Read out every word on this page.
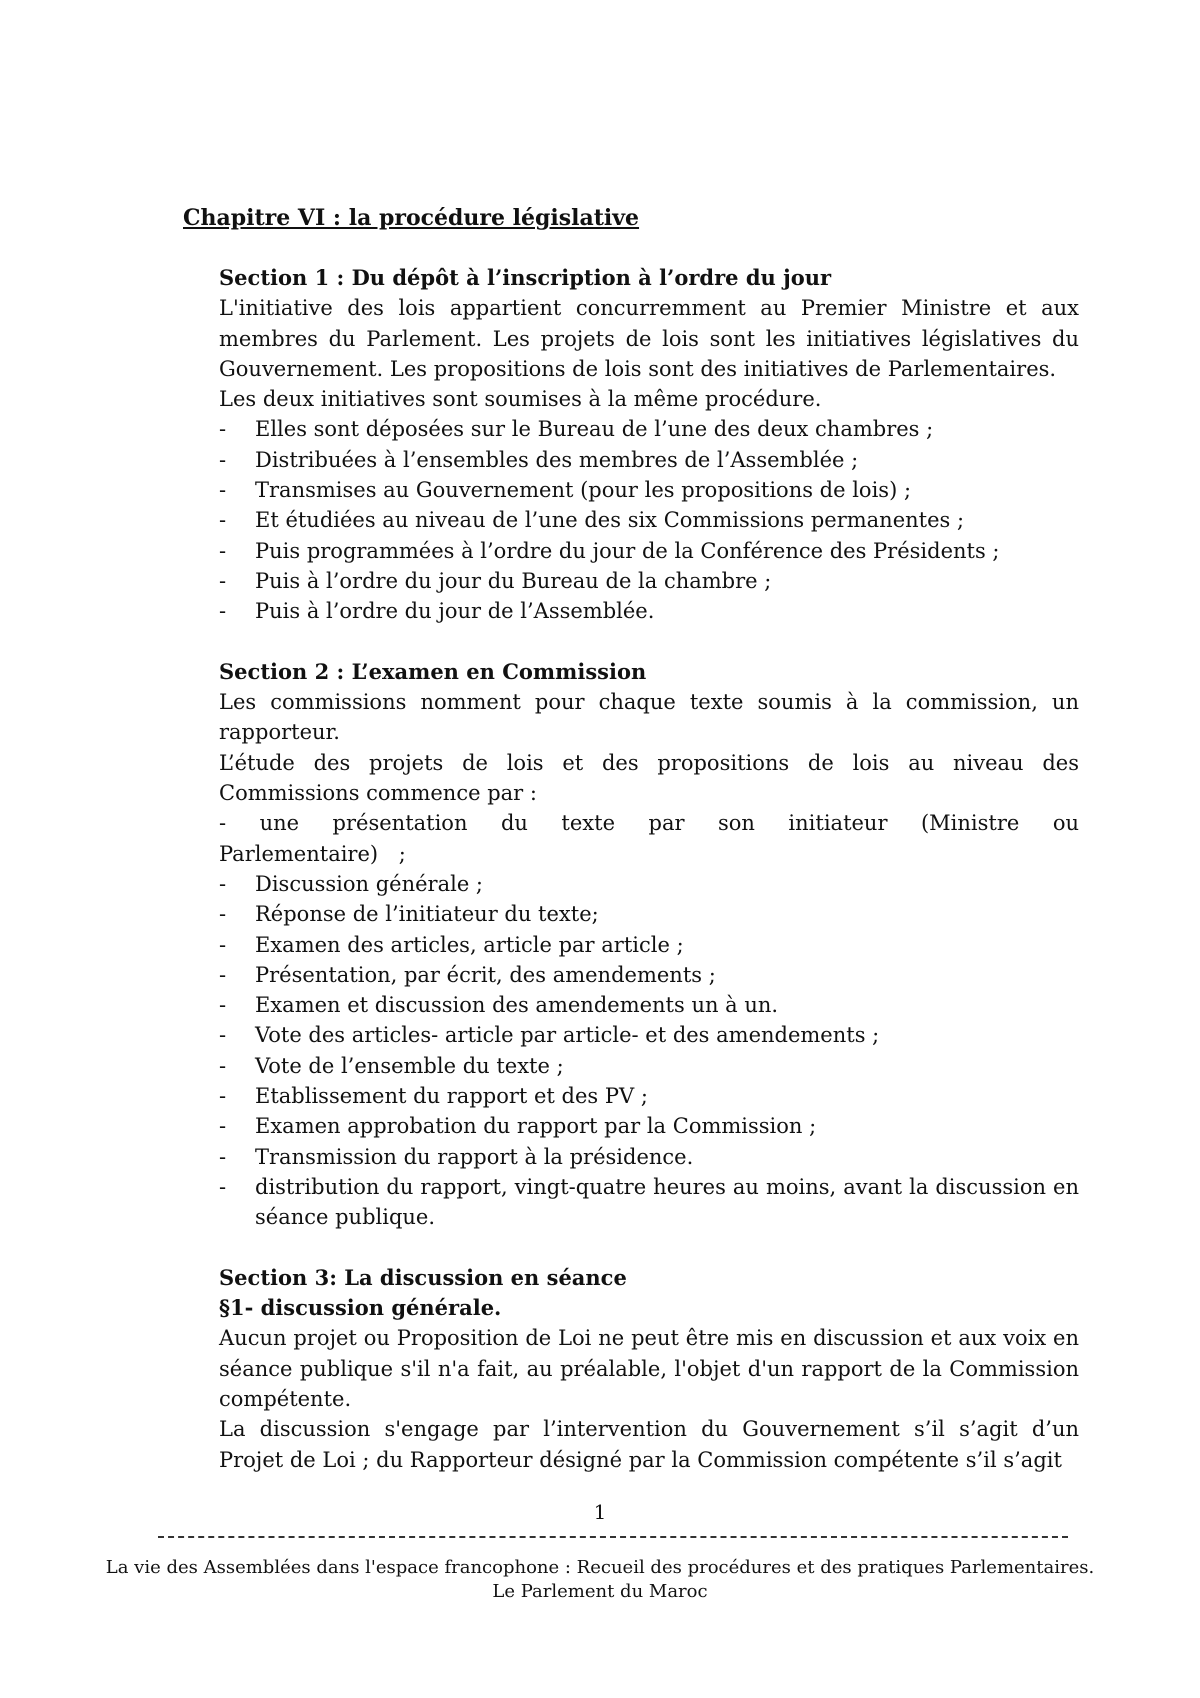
Chapitre VI : la procédure législative

Section 1 : Du dépôt à l’inscription à l’ordre du jour

L'initiative des lois appartient concurremment au Premier Ministre et aux membres du Parlement. Les projets de lois sont les initiatives législatives du Gouvernement. Les propositions de lois sont des initiatives de Parlementaires.

Les deux initiatives sont soumises à la même procédure.

- Elles sont déposées sur le Bureau de l’une des deux chambres ;
- Distribuées à l’ensembles des membres de l’Assemblée ;
- Transmises au Gouvernement (pour les propositions de lois) ;
- Et étudiées au niveau de l’une des six Commissions permanentes ;
- Puis programmées à l’ordre du jour de la Conférence des Présidents ;
- Puis à l’ordre du jour du Bureau de la chambre ;
- Puis à l’ordre du jour de l’Assemblée.

Section 2 : L’examen en Commission

Les commissions nomment pour chaque texte soumis à la commission, un rapporteur.

L’étude des projets de lois et des propositions de lois au niveau des Commissions commence par :

- une présentation du texte par son initiateur (Ministre ou Parlementaire) ;

- Discussion générale ;
- Réponse de l’initiateur du texte;
- Examen des articles, article par article ;
- Présentation, par écrit, des amendements ;
- Examen et discussion des amendements un à un.
- Vote des articles- article par article- et des amendements ;
- Vote de l’ensemble du texte ;
- Etablissement du rapport et des PV ;
- Examen approbation du rapport par la Commission ;
- Transmission du rapport à la présidence.
- distribution du rapport, vingt-quatre heures au moins, avant la discussion en séance publique.

Section 3: La discussion en séance

§1- discussion générale.

Aucun projet ou Proposition de Loi ne peut être mis en discussion et aux voix en séance publique s'il n'a fait, au préalable, l'objet d'un rapport de la Commission compétente.

La discussion s'engage par l’intervention du Gouvernement s’il s’agit d’un Projet de Loi ; du Rapporteur désigné par la Commission compétente s’il s’agit

1
La vie des Assemblées dans l'espace francophone : Recueil des procédures et des pratiques Parlementaires.
Le Parlement du Maroc
